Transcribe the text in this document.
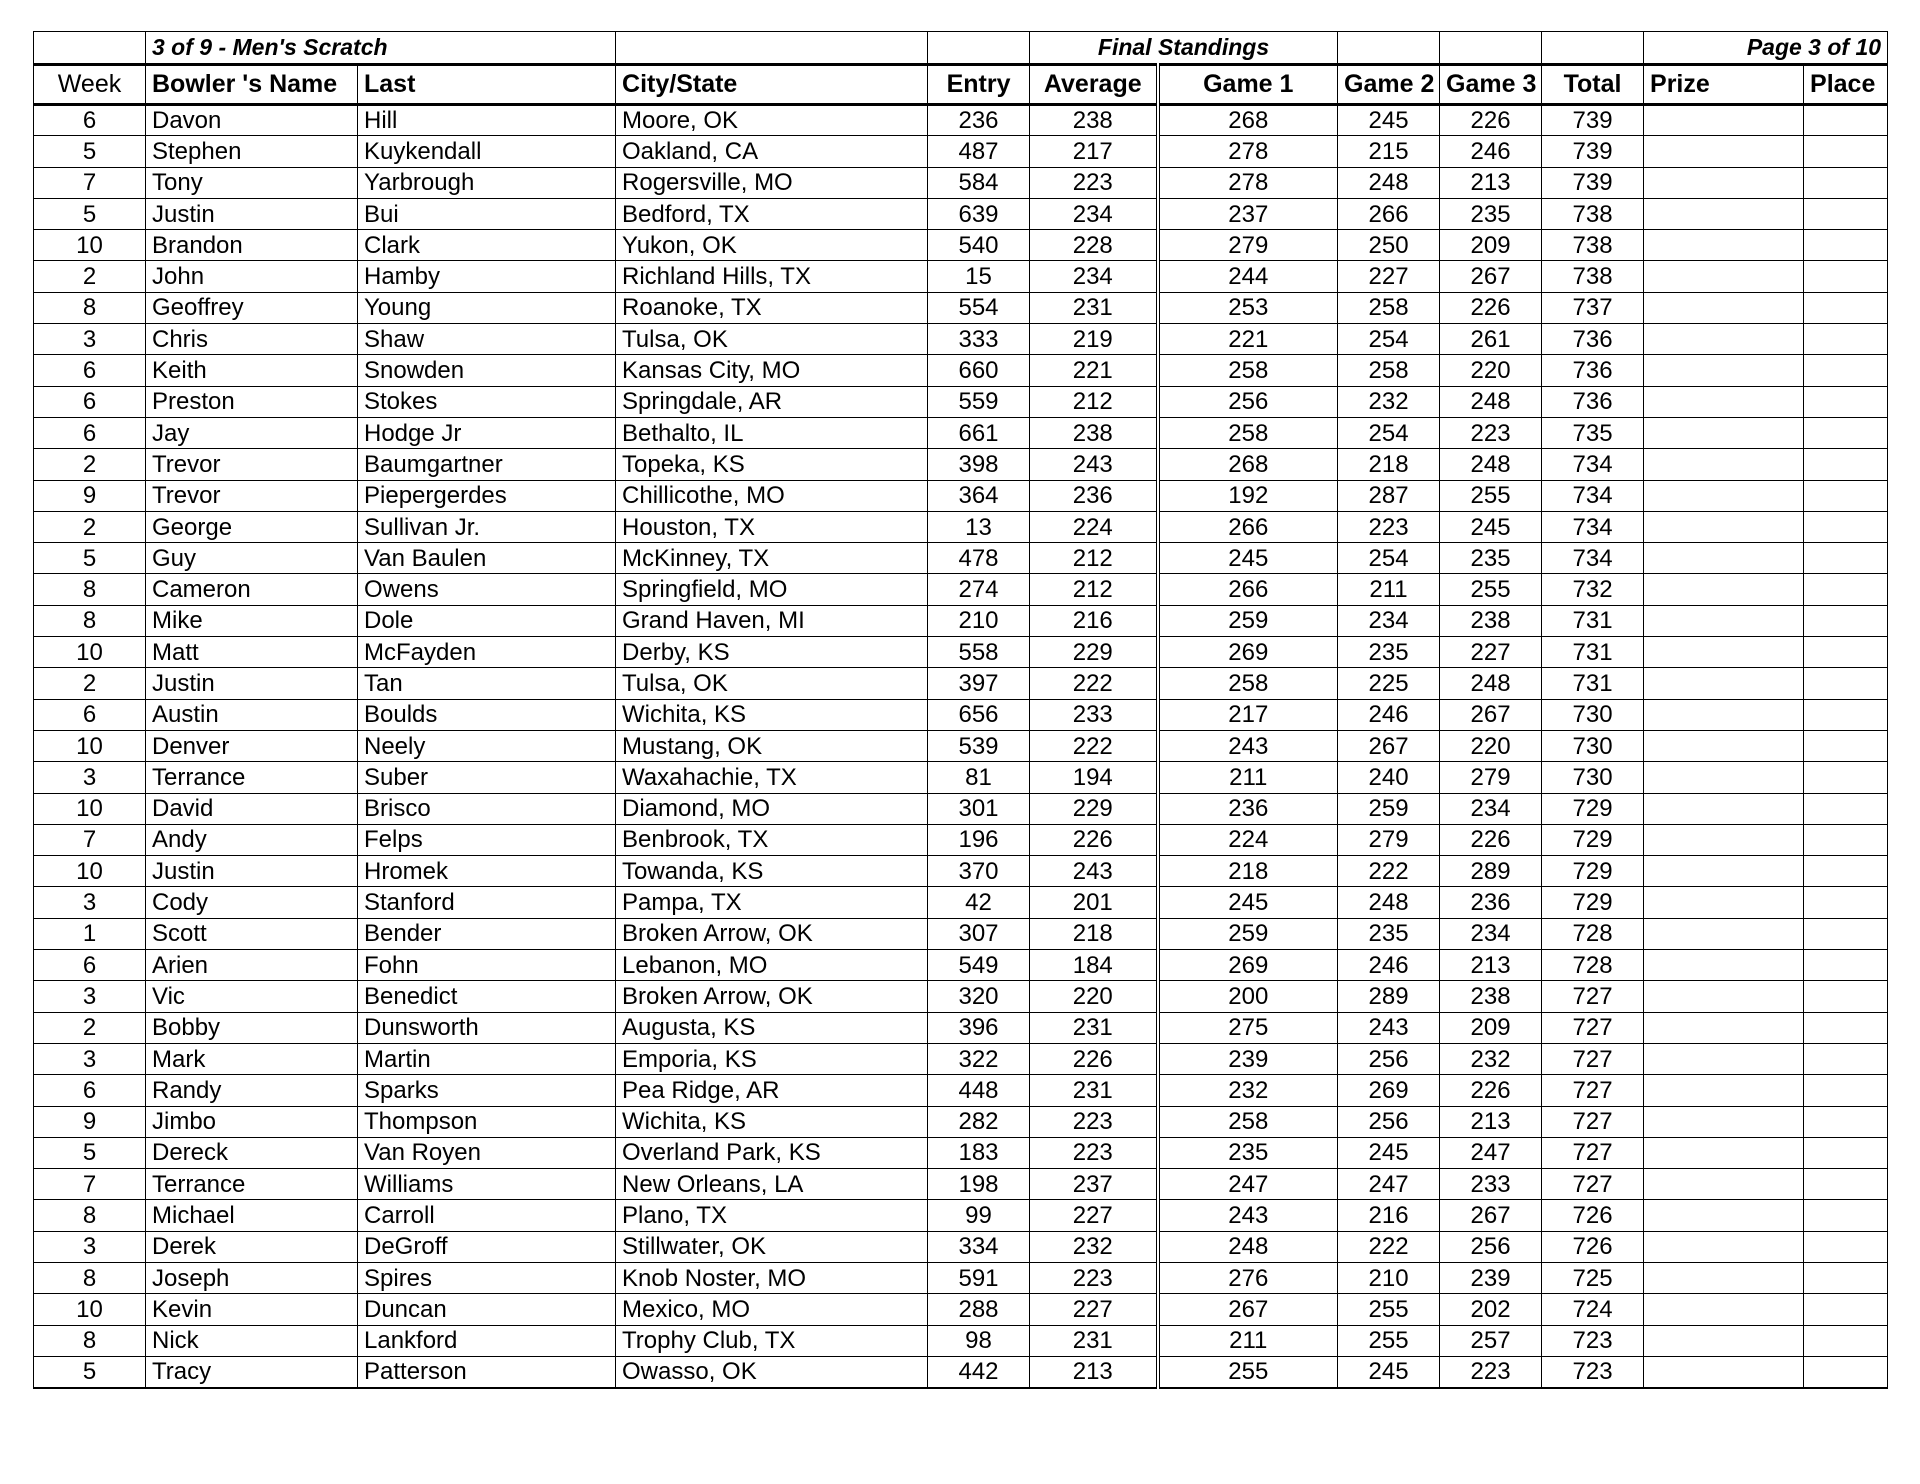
	3 of 9 - Men's Scratch				Final Standings					Page 3 of 10	
Week	Bowler 's Name	Last	City/State	Entry	Average	Game 1	Game 2	Game 3	Total	Prize	Place
6	Davon	Hill	Moore, OK	236	238	268	245	226	739		
5	Stephen	Kuykendall	Oakland, CA	487	217	278	215	246	739		
7	Tony	Yarbrough	Rogersville, MO	584	223	278	248	213	739		
5	Justin	Bui	Bedford, TX	639	234	237	266	235	738		
10	Brandon	Clark	Yukon, OK	540	228	279	250	209	738		
2	John	Hamby	Richland Hills, TX	15	234	244	227	267	738		
8	Geoffrey	Young	Roanoke, TX	554	231	253	258	226	737		
3	Chris	Shaw	Tulsa, OK	333	219	221	254	261	736		
6	Keith	Snowden	Kansas City, MO	660	221	258	258	220	736		
6	Preston	Stokes	Springdale, AR	559	212	256	232	248	736		
6	Jay	Hodge Jr	Bethalto, IL	661	238	258	254	223	735		
2	Trevor	Baumgartner	Topeka, KS	398	243	268	218	248	734		
9	Trevor	Piepergerdes	Chillicothe, MO	364	236	192	287	255	734		
2	George	Sullivan Jr.	Houston, TX	13	224	266	223	245	734		
5	Guy	Van Baulen	McKinney, TX	478	212	245	254	235	734		
8	Cameron	Owens	Springfield, MO	274	212	266	211	255	732		
8	Mike	Dole	Grand Haven, MI	210	216	259	234	238	731		
10	Matt	McFayden	Derby, KS	558	229	269	235	227	731		
2	Justin	Tan	Tulsa, OK	397	222	258	225	248	731		
6	Austin	Boulds	Wichita, KS	656	233	217	246	267	730		
10	Denver	Neely	Mustang, OK	539	222	243	267	220	730		
3	Terrance	Suber	Waxahachie, TX	81	194	211	240	279	730		
10	David	Brisco	Diamond, MO	301	229	236	259	234	729		
7	Andy	Felps	Benbrook, TX	196	226	224	279	226	729		
10	Justin	Hromek	Towanda, KS	370	243	218	222	289	729		
3	Cody	Stanford	Pampa, TX	42	201	245	248	236	729		
1	Scott	Bender	Broken Arrow, OK	307	218	259	235	234	728		
6	Arien	Fohn	Lebanon, MO	549	184	269	246	213	728		
3	Vic	Benedict	Broken Arrow, OK	320	220	200	289	238	727		
2	Bobby	Dunsworth	Augusta, KS	396	231	275	243	209	727		
3	Mark	Martin	Emporia, KS	322	226	239	256	232	727		
6	Randy	Sparks	Pea Ridge, AR	448	231	232	269	226	727		
9	Jimbo	Thompson	Wichita, KS	282	223	258	256	213	727		
5	Dereck	Van Royen	Overland Park, KS	183	223	235	245	247	727		
7	Terrance	Williams	New Orleans, LA	198	237	247	247	233	727		
8	Michael	Carroll	Plano, TX	99	227	243	216	267	726		
3	Derek	DeGroff	Stillwater, OK	334	232	248	222	256	726		
8	Joseph	Spires	Knob Noster, MO	591	223	276	210	239	725		
10	Kevin	Duncan	Mexico, MO	288	227	267	255	202	724		
8	Nick	Lankford	Trophy Club, TX	98	231	211	255	257	723		
5	Tracy	Patterson	Owasso, OK	442	213	255	245	223	723		
